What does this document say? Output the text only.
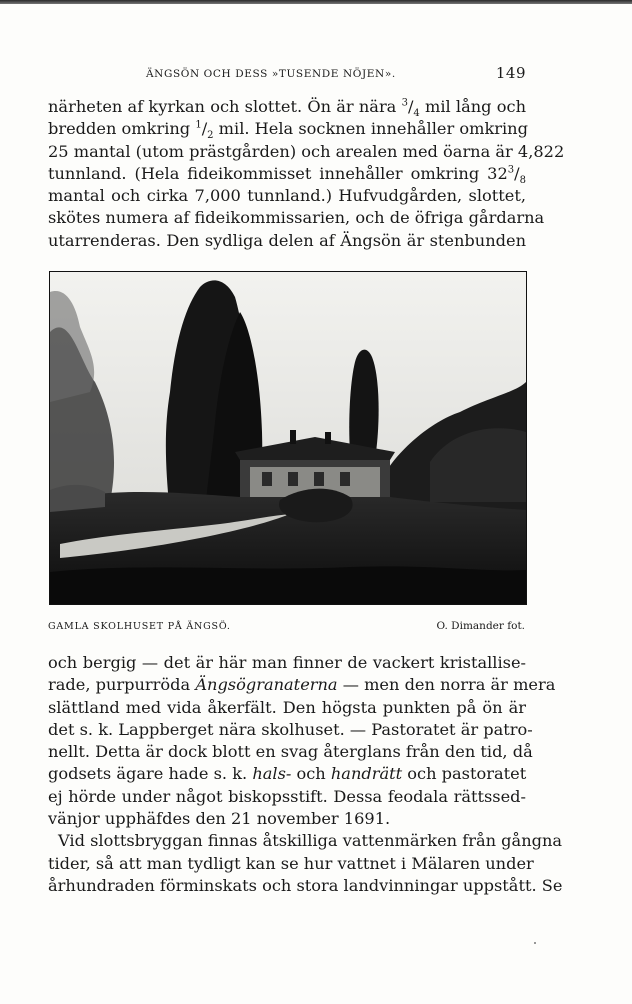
ÄNGSÖN OCH DESS »TUSENDE NÖJEN».	149
närheten af kyrkan och slottet. Ön är nära $^3/_4$ mil lång och
bredden omkring $^1/_2$ mil. Hela socknen innehåller omkring
25 mantal (utom prästgården) och arealen med öarna är 4,822
tunnland. (Hela fideikommisset innehåller omkring $32^3/_8$
mantal och cirka 7,000 tunnland.) Hufvudgården, slottet,
skötes numera af fideikommissarien, och de öfriga gårdarna
utarrenderas. Den sydliga delen af Ängsön är stenbunden
GAMLA SKOLHUSET PÅ ÄNGSÖ.	O. Dimander fot.
och bergig — det är här man finner de vackert kristallise-
rade, purpurröda Ängsögranaterna — men den norra är mera
slättland med vida åkerfält. Den högsta punkten på ön är
det s. k. Lappberget nära skolhuset. — Pastoratet är patro-
nellt. Detta är dock blott en svag återglans från den tid, då
godsets ägare hade s. k. hals- och handrätt och pastoratet
ej hörde under något biskopsstift. Dessa feodala rättssed-
vänjor upphäfdes den 21 november 1691.
Vid slottsbryggan finnas åtskilliga vattenmärken från gångna
tider, så att man tydligt kan se hur vattnet i Mälaren under
århundraden förminskats och stora landvinningar uppstått. Se
